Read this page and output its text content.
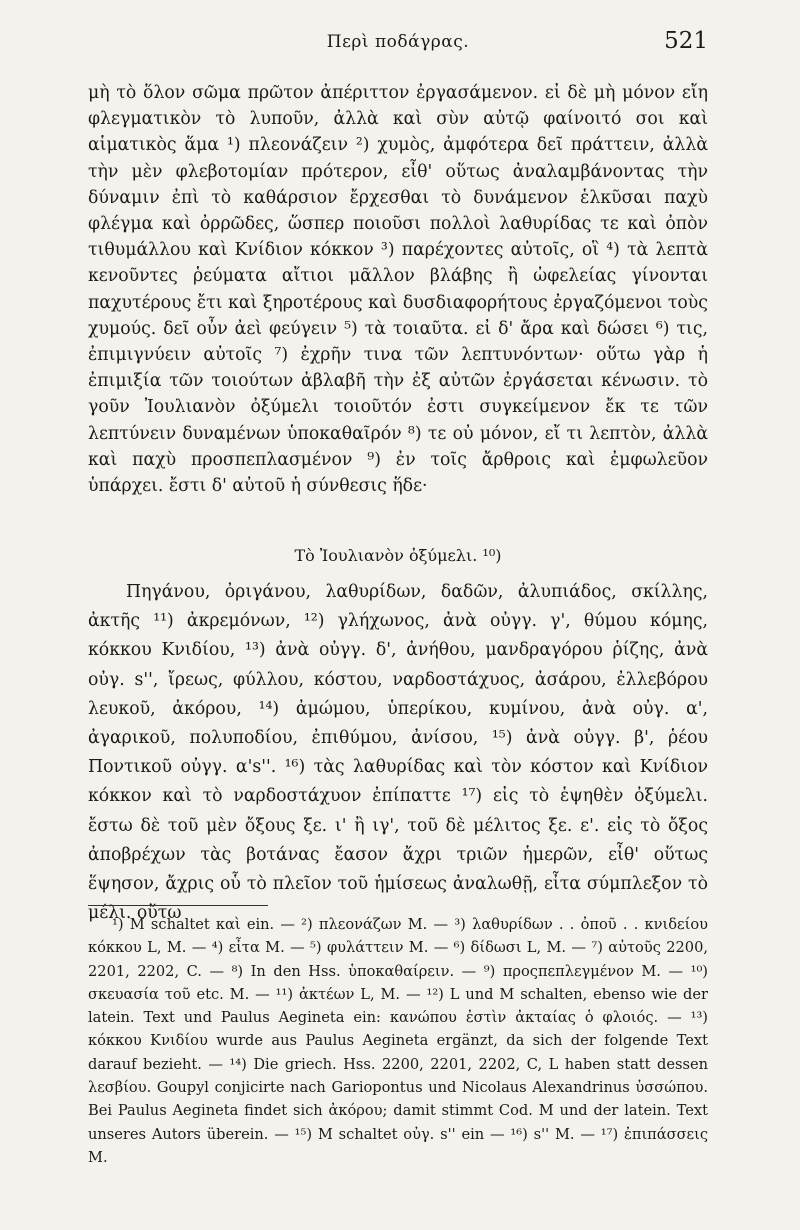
Περὶ ποδάγρας.	521

μὴ τὸ ὅλον σῶμα πρῶτον ἀπέριττον ἐργασάμενον. εἰ δὲ μὴ μόνον εἴη φλεγματικὸν τὸ λυποῦν, ἀλλὰ καὶ σὺν αὐτῷ φαίνοιτό σοι καὶ αἱματικὸς ἅμα ¹) πλεονάζειν ²) χυμὸς, ἀμφότερα δεῖ πράττειν, ἀλλὰ τὴν μὲν φλεβοτομίαν πρότερον, εἶθ' οὕτως ἀναλαμβάνοντας τὴν δύναμιν ἐπὶ τὸ καθάρσιον ἔρχεσθαι τὸ δυνάμενον ἑλκῦσαι παχὺ φλέγμα καὶ ὀρρῶδες, ὥσπερ ποιοῦσι πολλοὶ λαθυρίδας τε καὶ ὀπὸν τιθυμάλλου καὶ Κνίδιον κόκκον ³) παρέχοντες αὐτοῖς, οἳ ⁴) τὰ λεπτὰ κενοῦντες ῥεύματα αἴτιοι μᾶλλον βλάβης ἢ ὠφελείας γίνονται παχυτέρους ἔτι καὶ ξηροτέρους καὶ δυσδιαφορήτους ἐργαζόμενοι τοὺς χυμούς. δεῖ οὖν ἀεὶ φεύγειν ⁵) τὰ τοιαῦτα. εἰ δ' ἄρα καὶ δώσει ⁶) τις, ἐπιμιγνύειν αὐτοῖς ⁷) ἐχρῆν τινα τῶν λεπτυνόντων· οὕτω γὰρ ἡ ἐπιμιξία τῶν τοιούτων ἀβλαβῆ τὴν ἐξ αὐτῶν ἐργάσεται κένωσιν. τὸ γοῦν Ἰουλιανὸν ὀξύμελι τοιοῦτόν ἐστι συγκείμενον ἔκ τε τῶν λεπτύνειν δυναμένων ὑποκαθαῖρόν ⁸) τε οὐ μόνον, εἴ τι λεπτὸν, ἀλλὰ καὶ παχὺ προσπεπλασμένον ⁹) ἐν τοῖς ἄρθροις καὶ ἐμφωλεῦον ὑπάρχει. ἔστι δ' αὐτοῦ ἡ σύνθεσις ἥδε·

Τὸ Ἰουλιανὸν ὀξύμελι. ¹⁰)

Πηγάνου, ὀριγάνου, λαθυρίδων, δαδῶν, ἀλυπιάδος, σκίλλης, ἀκτῆς ¹¹) ἀκρεμόνων, ¹²) γλήχωνος, ἀνὰ οὐγγ. γ', θύμου κόμης, κόκκου Κνιδίου, ¹³) ἀνὰ οὐγγ. δ', ἀνήθου, μανδραγόρου ῥίζης, ἀνὰ οὐγ. s'', ἴρεως, φύλλου, κόστου, ναρδοστάχυος, ἀσάρου, ἐλλεβόρου λευκοῦ, ἀκόρου, ¹⁴) ἀμώμου, ὑπερίκου, κυμίνου, ἀνὰ οὐγ. α', ἀγαρικοῦ, πολυποδίου, ἐπιθύμου, ἀνίσου, ¹⁵) ἀνὰ οὐγγ. β', ῥέου Ποντικοῦ οὐγγ. α's''. ¹⁶) τὰς λαθυρίδας καὶ τὸν κόστον καὶ Κνίδιον κόκκον καὶ τὸ ναρδοστάχυον ἐπίπαττε ¹⁷) εἰς τὸ ἑψηθὲν ὀξύμελι. ἔστω δὲ τοῦ μὲν ὄξους ξε. ι' ἢ ιγ', τοῦ δὲ μέλιτος ξε. ε'. εἰς τὸ ὄξος ἀποβρέχων τὰς βοτάνας ἔασον ἄχρι τριῶν ἡμερῶν, εἶθ' οὕτως ἕψησον, ἄχρις οὗ τὸ πλεῖον τοῦ ἡμίσεως ἀναλωθῇ, εἶτα σύμπλεξον τὸ μέλι. οὕτω

¹) M schaltet καὶ ein. — ²) πλεονάζων M. — ³) λαθυρίδων . . ὀποῦ . . κνιδείου κόκκου L, M. — ⁴) εἶτα M. — ⁵) φυλάττειν M. — ⁶) δίδωσι L, M. — ⁷) αὐτοῦς 2200, 2201, 2202, C. — ⁸) In den Hss. ὑποκαθαίρειν. — ⁹) προςπεπλεγμένον M. — ¹⁰) σκευασία τοῦ etc. M. — ¹¹) ἀκτέων L, M. — ¹²) L und M schalten, ebenso wie der latein. Text und Paulus Aegineta ein: κανώπου ἐστὶν ἀκταίας ὁ φλοιός. — ¹³) κόκκου Κνιδίου wurde aus Paulus Aegineta ergänzt, da sich der folgende Text darauf bezieht. — ¹⁴) Die griech. Hss. 2200, 2201, 2202, C, L haben statt dessen λεσβίου. Goupyl conjicirte nach Gariopontus und Nicolaus Alexandrinus ὑσσώπου. Bei Paulus Aegineta findet sich ἀκόρου; damit stimmt Cod. M und der latein. Text unseres Autors überein. — ¹⁵) M schaltet οὐγ. s'' ein — ¹⁶) s'' M. — ¹⁷) ἐπιπάσσεις M.
